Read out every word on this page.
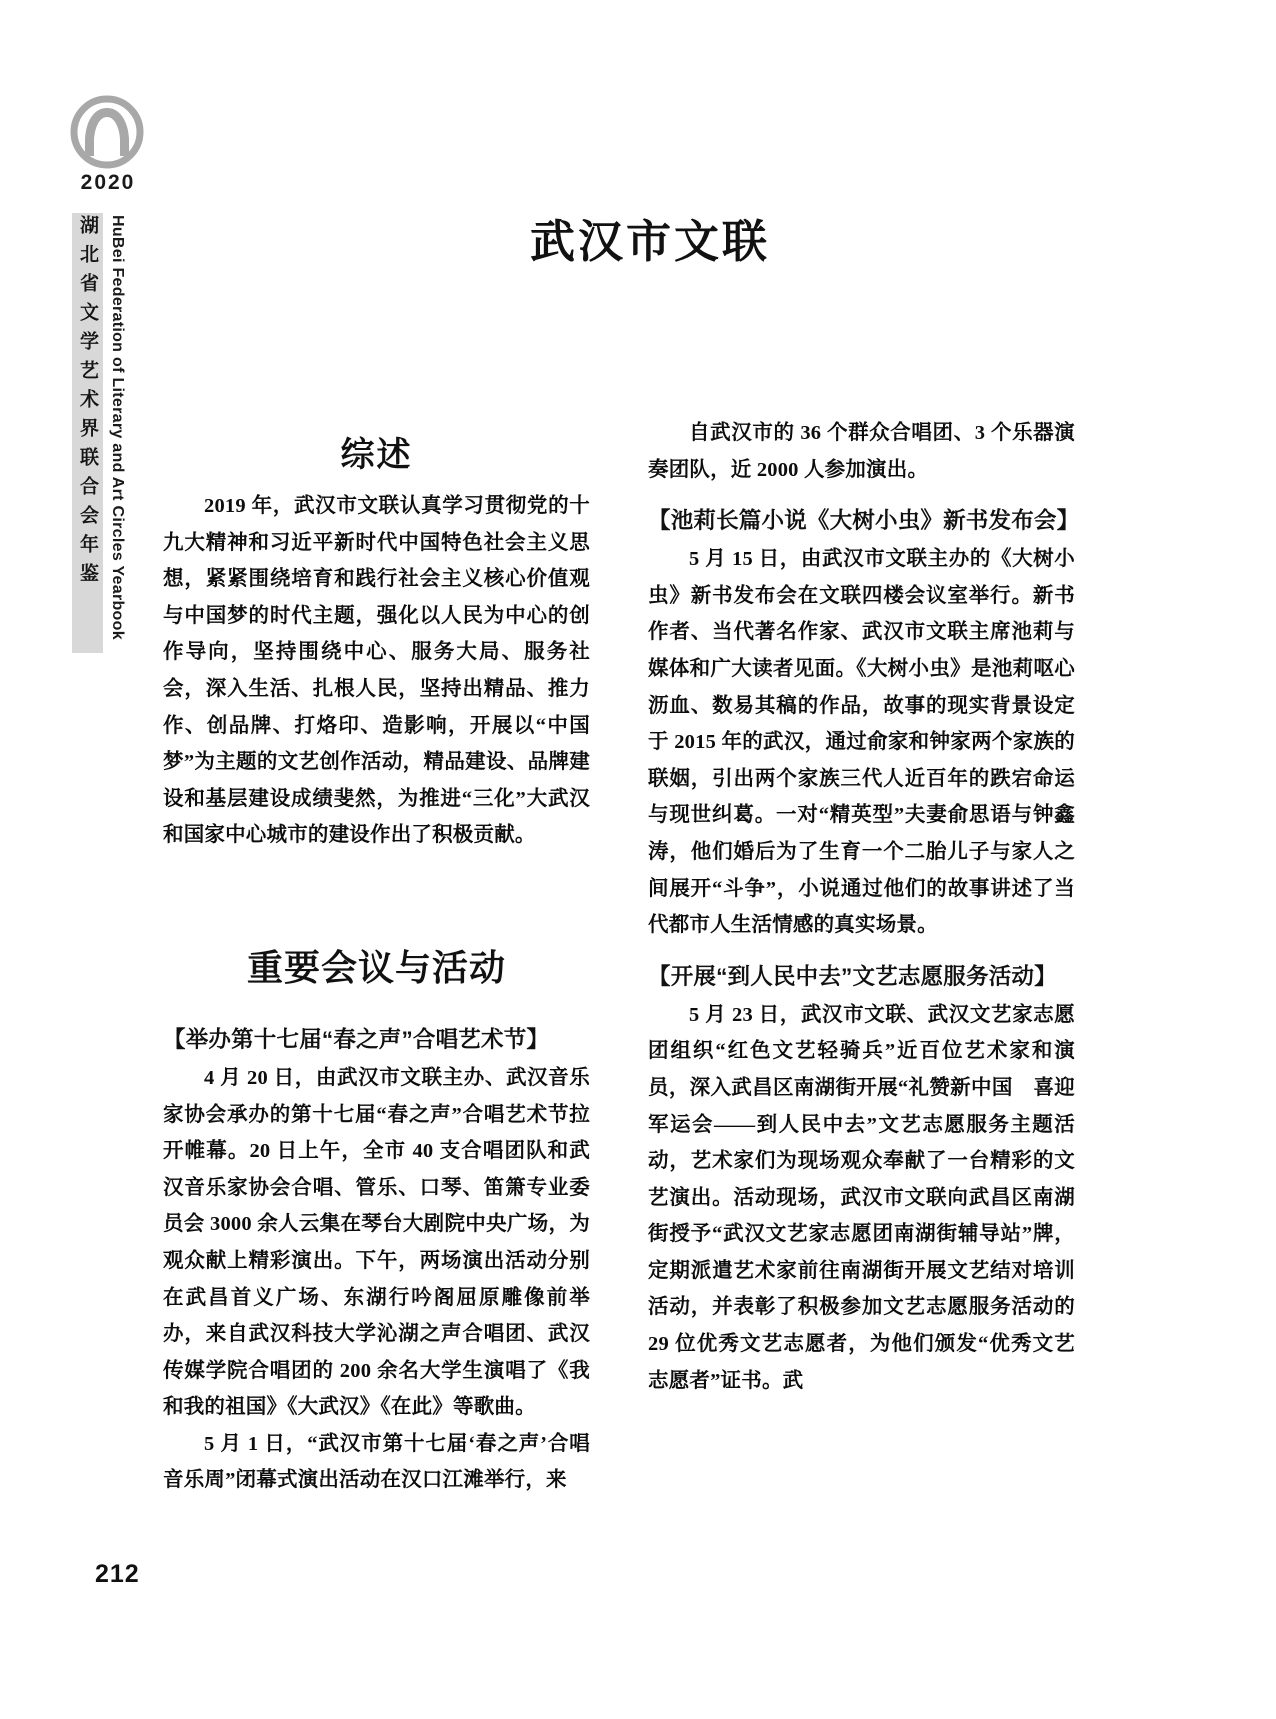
2020
湖北省文学艺术界联合会年鉴 HuBei Federation of Literary and Art Circles Yearbook	武汉市文联
综述

2019 年，武汉市文联认真学习贯彻党的十九大精神和习近平新时代中国特色社会主义思想，紧紧围绕培育和践行社会主义核心价值观与中国梦的时代主题，强化以人民为中心的创作导向，坚持围绕中心、服务大局、服务社会，深入生活、扎根人民，坚持出精品、推力作、创品牌、打烙印、造影响，开展以“中国梦”为主题的文艺创作活动，精品建设、品牌建设和基层建设成绩斐然，为推进“三化”大武汉和国家中心城市的建设作出了积极贡献。

重要会议与活动
【举办第十七届“春之声”合唱艺术节】

4 月 20 日，由武汉市文联主办、武汉音乐家协会承办的第十七届“春之声”合唱艺术节拉开帷幕。20 日上午，全市 40 支合唱团队和武汉音乐家协会合唱、管乐、口琴、笛箫专业委员会 3000 余人云集在琴台大剧院中央广场，为观众献上精彩演出。下午，两场演出活动分别在武昌首义广场、东湖行吟阁屈原雕像前举办，来自武汉科技大学沁湖之声合唱团、武汉传媒学院合唱团的 200 余名大学生演唱了《我和我的祖国》《大武汉》《在此》等歌曲。

5 月 1 日，“武汉市第十七届‘春之声’合唱音乐周”闭幕式演出活动在汉口江滩举行，来

自武汉市的 36 个群众合唱团、3 个乐器演奏团队，近 2000 人参加演出。

【池莉长篇小说《大树小虫》新书发布会】

5 月 15 日，由武汉市文联主办的《大树小虫》新书发布会在文联四楼会议室举行。新书作者、当代著名作家、武汉市文联主席池莉与媒体和广大读者见面。《大树小虫》是池莉呕心沥血、数易其稿的作品，故事的现实背景设定于 2015 年的武汉，通过俞家和钟家两个家族的联姻，引出两个家族三代人近百年的跌宕命运与现世纠葛。一对“精英型”夫妻俞思语与钟鑫涛，他们婚后为了生育一个二胎儿子与家人之间展开“斗争”，小说通过他们的故事讲述了当代都市人生活情感的真实场景。

【开展“到人民中去”文艺志愿服务活动】

5 月 23 日，武汉市文联、武汉文艺家志愿团组织“红色文艺轻骑兵”近百位艺术家和演员，深入武昌区南湖街开展“礼赞新中国　喜迎军运会——到人民中去”文艺志愿服务主题活动，艺术家们为现场观众奉献了一台精彩的文艺演出。活动现场，武汉市文联向武昌区南湖街授予“武汉文艺家志愿团南湖街辅导站”牌，定期派遣艺术家前往南湖街开展文艺结对培训活动，并表彰了积极参加文艺志愿服务活动的 29 位优秀文艺志愿者，为他们颁发“优秀文艺志愿者”证书。武

212
